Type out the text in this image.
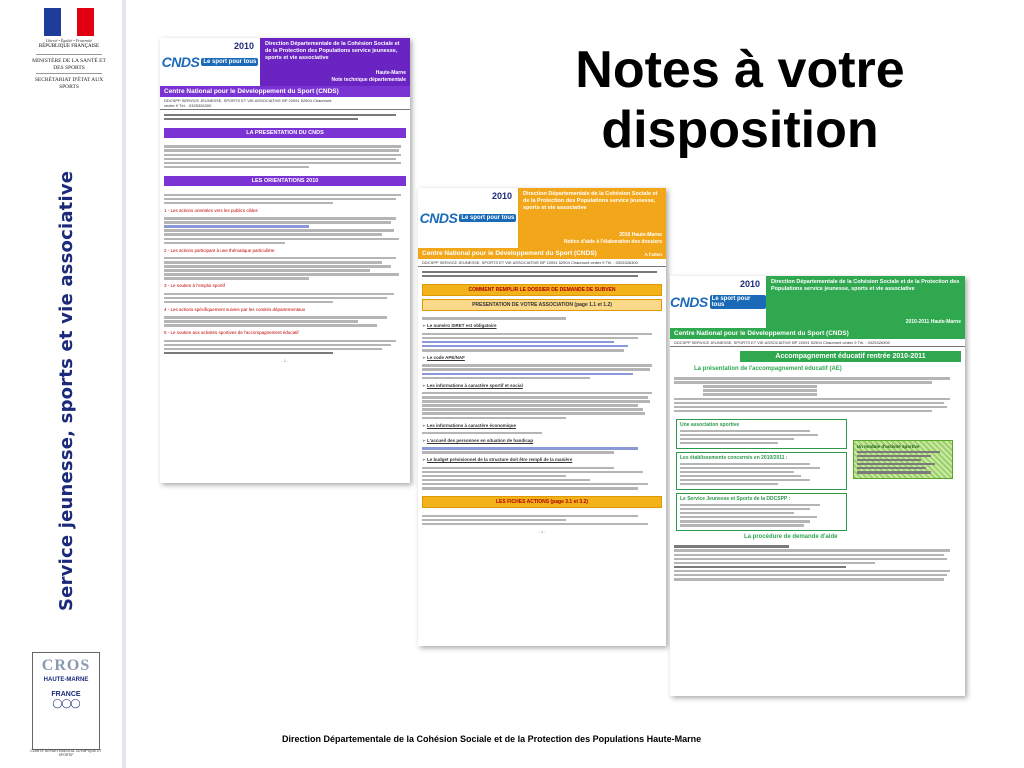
Liberté • Égalité • Fraternité
RÉPUBLIQUE FRANÇAISE
MINISTÈRE DE LA SANTÉ ET DES SPORTS
SECRÉTARIAT D'ÉTAT AUX SPORTS
Service jeunesse, sports et vie associative
CROS
HAUTE-MARNE
FRANCE
◯◯◯
COMITÉ DÉPARTEMENTAL OLYMPIQUE ET SPORTIF
Notes à votre
disposition
CNDS Le sport pour tous
2010 Direction Départementale de la Cohésion Sociale et de la Protection des Populations service jeunesse, sports et vie associative
Haute-Marne
Note technique départementale
Centre National pour le Développement du Sport (CNDS)
A l'attention des clubs et comités
DDCSPP SERVICE JEUNESSE, SPORTS ET VIE ASSOCIATIVE BP 22091 52904 Chaumont cedex 9 Tél. : 0325326300
LA PRESENTATION DU CNDS
LES ORIENTATIONS 2010
1 - Les actions orientées vers les publics cibles
2 - Les actions participant à une thématique particulière
3 - Le soutien à l'emploi sportif
4 - Les actions spécifiquement suivies par les comités départementaux
5 - Le soutien aux activités sportives de l'accompagnement éducatif
- 1 -
CNDS Le sport pour tous
2010 Direction Départementale de la Cohésion Sociale et de la Protection des Populations service jeunesse, sports et vie associative
2010 Haute-Marne
Notice d'aide à l'élaboration des dossiers
Centre National pour le Développement du Sport (CNDS)	A l'atten
DDCSPP SERVICE JEUNESSE, SPORTS ET VIE ASSOCIATIVE BP 22091 52904 Chaumont cedex 9 Tél. : 0325326300
COMMENT REMPLIR LE DOSSIER DE DEMANDE DE SUBVEN
PRESENTATION DE VOTRE ASSOCIATION (page 1.1 et 1.2)
➢ Le numéro SIRET est obligatoire
➢ Le code APE/NAF
➢ Les informations à caractère sportif et social
➢ Les informations à caractère économique
➢ L'accueil des personnes en situation de handicap
➢ Le budget prévisionnel de la structure doit être rempli de la manière
LES FICHES ACTIONS (page 3.1 et 3.2)
- 1 -
CNDS Le sport pour tous
2010 Direction Départementale de la Cohésion Sociale et de la Protection des Populations service jeunesse, sports et vie associative
2010-2011 Haute-Marne
Centre National pour le Développement du Sport (CNDS)
DDCSPP SERVICE JEUNESSE, SPORTS ET VIE ASSOCIATIVE BP 22091 52904 Chaumont cedex 9 Tél. : 0325326300
Accompagnement éducatif rentrée 2010-2011
La présentation de l'accompagnement éducatif (AE)
Une association sportive
Les établissements concernés en 2010/2011 :
Le Service Jeunesse et Sports de la DDCSPP :
Un module d'activité sportive
La procédure de demande d'aide
Direction Départementale de la Cohésion Sociale et de la Protection des Populations Haute-Marne
